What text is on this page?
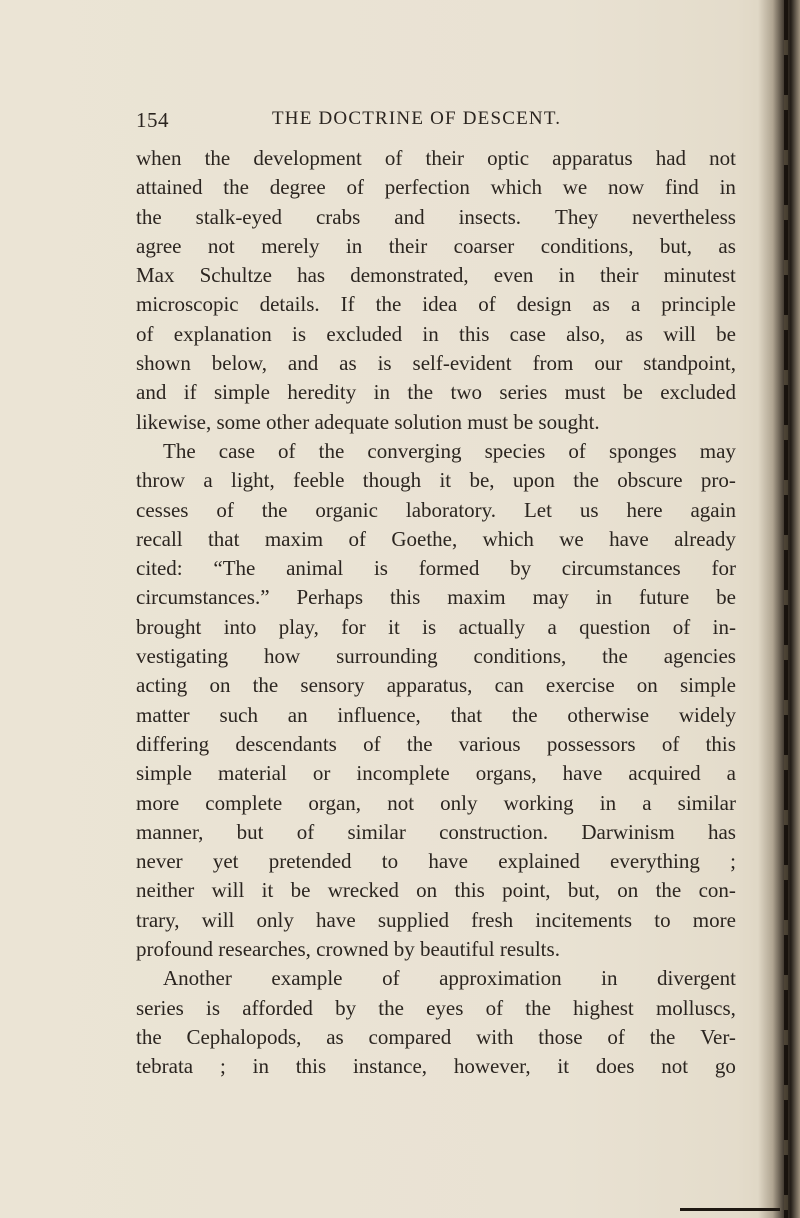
154	THE DOCTRINE OF DESCENT.
when the development of their optic apparatus had not
attained the degree of perfection which we now find in
the stalk-eyed crabs and insects. They nevertheless
agree not merely in their coarser conditions, but, as
Max Schultze has demonstrated, even in their minutest
microscopic details. If the idea of design as a principle
of explanation is excluded in this case also, as will be
shown below, and as is self-evident from our standpoint,
and if simple heredity in the two series must be excluded
likewise, some other adequate solution must be sought.
The case of the converging species of sponges may
throw a light, feeble though it be, upon the obscure pro-
cesses of the organic laboratory. Let us here again
recall that maxim of Goethe, which we have already
cited: “The animal is formed by circumstances for
circumstances.” Perhaps this maxim may in future be
brought into play, for it is actually a question of in-
vestigating how surrounding conditions, the agencies
acting on the sensory apparatus, can exercise on simple
matter such an influence, that the otherwise widely
differing descendants of the various possessors of this
simple material or incomplete organs, have acquired a
more complete organ, not only working in a similar
manner, but of similar construction. Darwinism has
never yet pretended to have explained everything ;
neither will it be wrecked on this point, but, on the con-
trary, will only have supplied fresh incitements to more
profound researches, crowned by beautiful results.
Another example of approximation in divergent
series is afforded by the eyes of the highest molluscs,
the Cephalopods, as compared with those of the Ver-
tebrata ; in this instance, however, it does not go
